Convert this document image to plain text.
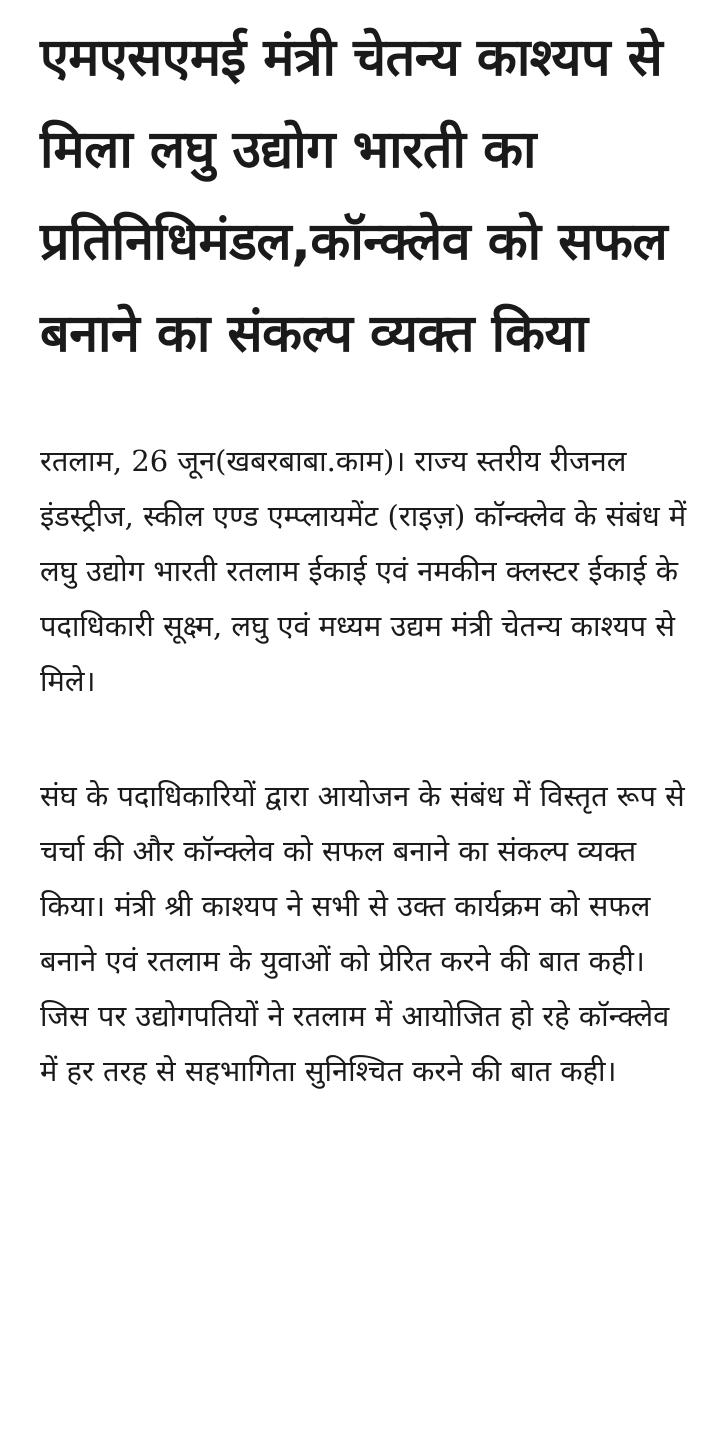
एमएसएमई मंत्री चेतन्य काश्यप से मिला लघु उद्योग भारती का प्रतिनिधिमंडल,कॉन्क्लेव को सफल बनाने का संकल्प व्यक्त किया

रतलाम, 26 जून(खबरबाबा.काम)। राज्य स्तरीय रीजनल इंडस्ट्रीज, स्कील एण्ड एम्प्लायमेंट (राइज़) कॉन्क्लेव के संबंध में लघु उद्योग भारती रतलाम ईकाई एवं नमकीन क्लस्टर ईकाई के पदाधिकारी सूक्ष्म, लघु एवं मध्यम उद्यम मंत्री चेतन्य काश्यप से मिले।

संघ के पदाधिकारियों द्वारा आयोजन के संबंध में विस्तृत रूप से चर्चा की और कॉन्क्लेव को सफल बनाने का संकल्प व्यक्त किया। मंत्री श्री काश्यप ने सभी से उक्त कार्यक्रम को सफल बनाने एवं रतलाम के युवाओं को प्रेरित करने की बात कही। जिस पर उद्योगपतियों ने रतलाम में आयोजित हो रहे कॉन्क्लेव में हर तरह से सहभागिता सुनिश्चित करने की बात कही।
